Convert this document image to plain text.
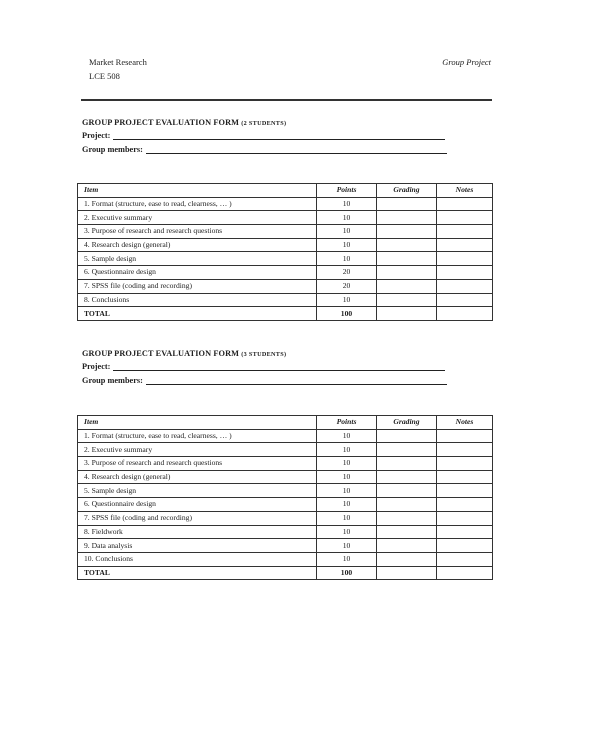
Market Research
LCE 508
Group Project
GROUP PROJECT EVALUATION FORM (2 STUDENTS)
Project:
Group members:
Item	Points	Grading	Notes
1. Format (structure, ease to read, clearness, … )	10		
2. Executive summary	10		
3. Purpose of research and research questions	10		
4. Research design (general)	10		
5. Sample design	10		
6. Questionnaire design	20		
7. SPSS file (coding and recording)	20		
8. Conclusions	10		
TOTAL	100		
GROUP PROJECT EVALUATION FORM (3 STUDENTS)
Project:
Group members:
Item	Points	Grading	Notes
1. Format (structure, ease to read, clearness, … )	10		
2. Executive summary	10		
3. Purpose of research and research questions	10		
4. Research design (general)	10		
5. Sample design	10		
6. Questionnaire design	10		
7. SPSS file (coding and recording)	10		
8. Fieldwork	10		
9. Data analysis	10		
10. Conclusions	10		
TOTAL	100		
